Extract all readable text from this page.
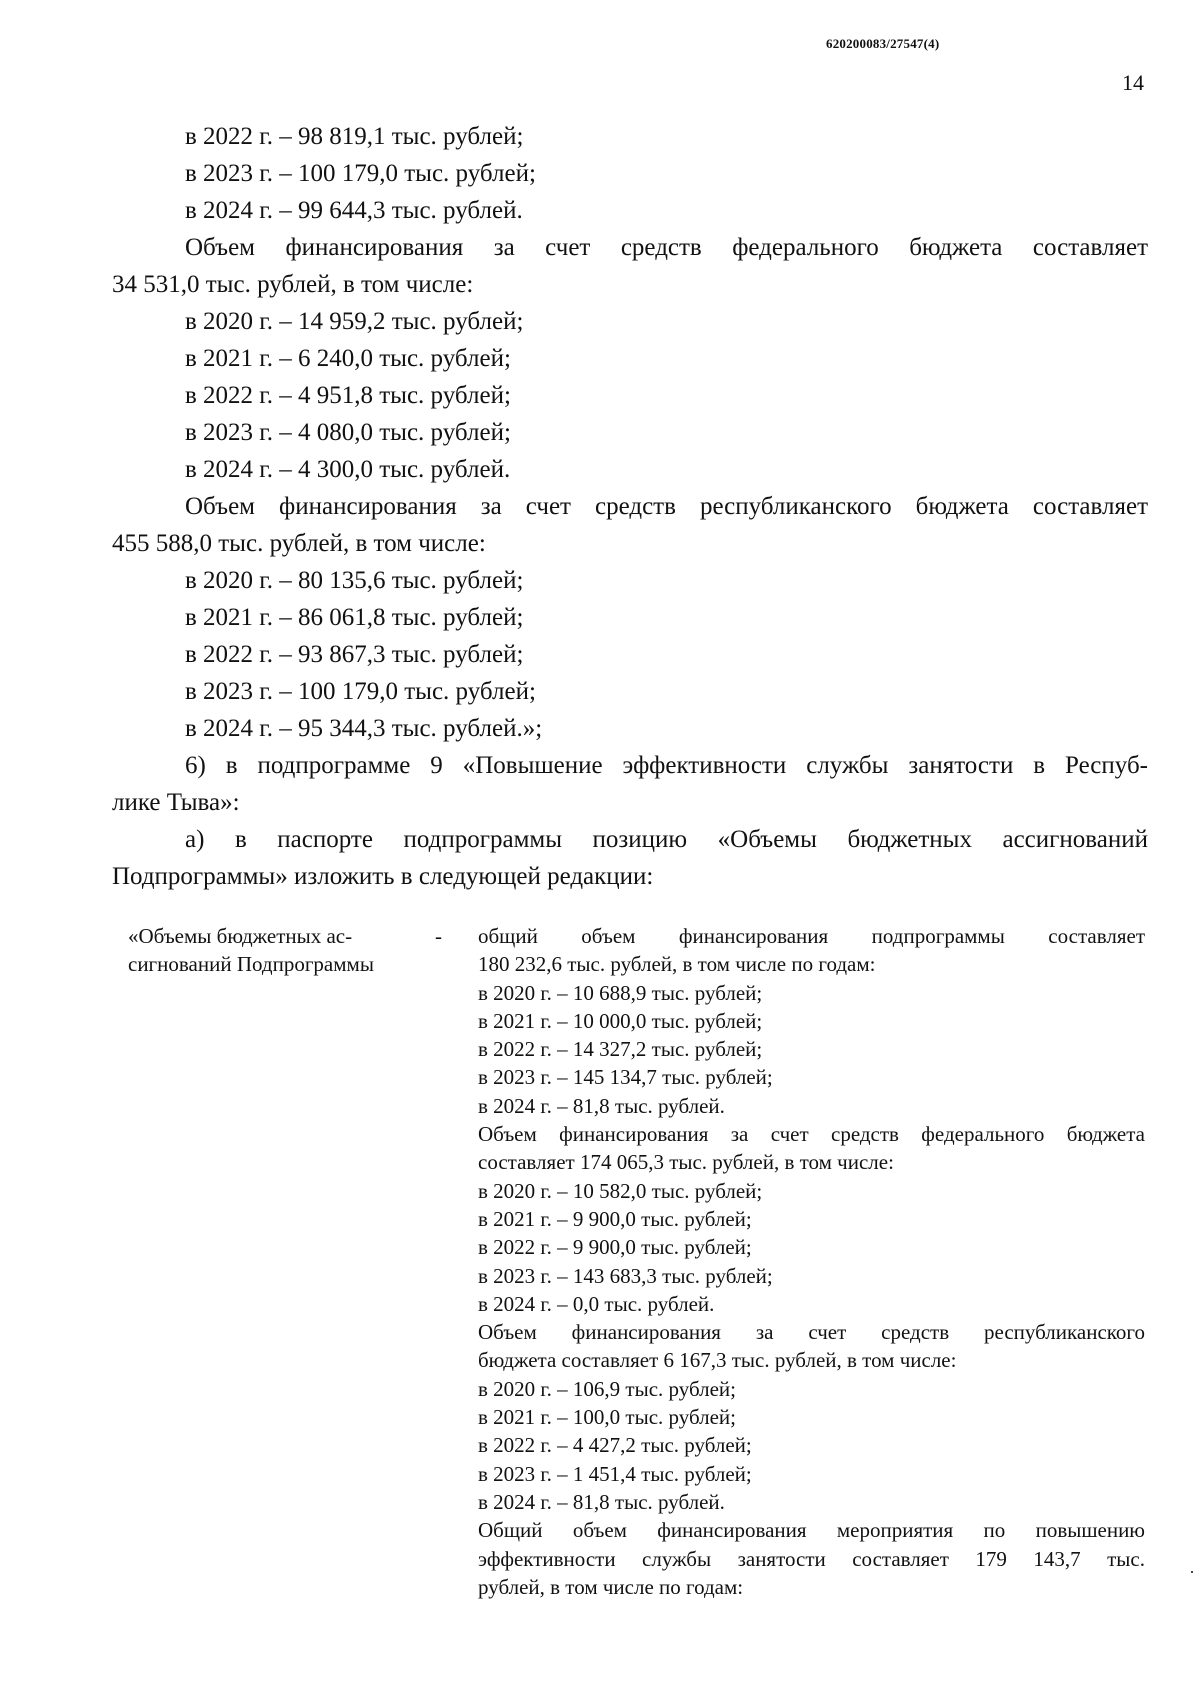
620200083/27547(4)
14

в 2022 г. – 98 819,1 тыс. рублей;

в 2023 г. – 100 179,0 тыс. рублей;

в 2024 г. – 99 644,3 тыс. рублей.

Объем финансирования за счет средств федерального бюджета составляет

34 531,0 тыс. рублей, в том числе:

в 2020 г. – 14 959,2 тыс. рублей;

в 2021 г. – 6 240,0 тыс. рублей;

в 2022 г. – 4 951,8 тыс. рублей;

в 2023 г. – 4 080,0 тыс. рублей;

в 2024 г. – 4 300,0 тыс. рублей.

Объем финансирования за счет средств республиканского бюджета составляет

455 588,0 тыс. рублей, в том числе:

в 2020 г. – 80 135,6 тыс. рублей;

в 2021 г. – 86 061,8 тыс. рублей;

в 2022 г. – 93 867,3 тыс. рублей;

в 2023 г. – 100 179,0 тыс. рублей;

в 2024 г. – 95 344,3 тыс. рублей.»;

6) в подпрограмме 9 «Повышение эффективности службы занятости в Респуб-

лике Тыва»:

а) в паспорте подпрограммы позицию «Объемы бюджетных ассигнований

Подпрограммы» изложить в следующей редакции:

«Объемы бюджетных ас-

сигнований Подпрограммы

- общий объем финансирования подпрограммы составляет

180 232,6 тыс. рублей, в том числе по годам:

в 2020 г. – 10 688,9 тыс. рублей;

в 2021 г. – 10 000,0 тыс. рублей;

в 2022 г. – 14 327,2 тыс. рублей;

в 2023 г. – 145 134,7 тыс. рублей;

в 2024 г. – 81,8 тыс. рублей.

Объем финансирования за счет средств федерального бюджета

составляет 174 065,3 тыс. рублей, в том числе:

в 2020 г. – 10 582,0 тыс. рублей;

в 2021 г. – 9 900,0 тыс. рублей;

в 2022 г. – 9 900,0 тыс. рублей;

в 2023 г. – 143 683,3 тыс. рублей;

в 2024 г. – 0,0 тыс. рублей.

Объем финансирования за счет средств республиканского

бюджета составляет 6 167,3 тыс. рублей, в том числе:

в 2020 г. – 106,9 тыс. рублей;

в 2021 г. – 100,0 тыс. рублей;

в 2022 г. – 4 427,2 тыс. рублей;

в 2023 г. – 1 451,4 тыс. рублей;

в 2024 г. – 81,8 тыс. рублей.

Общий объем финансирования мероприятия по повышению

эффективности службы занятости составляет 179 143,7 тыс.

рублей, в том числе по годам:
